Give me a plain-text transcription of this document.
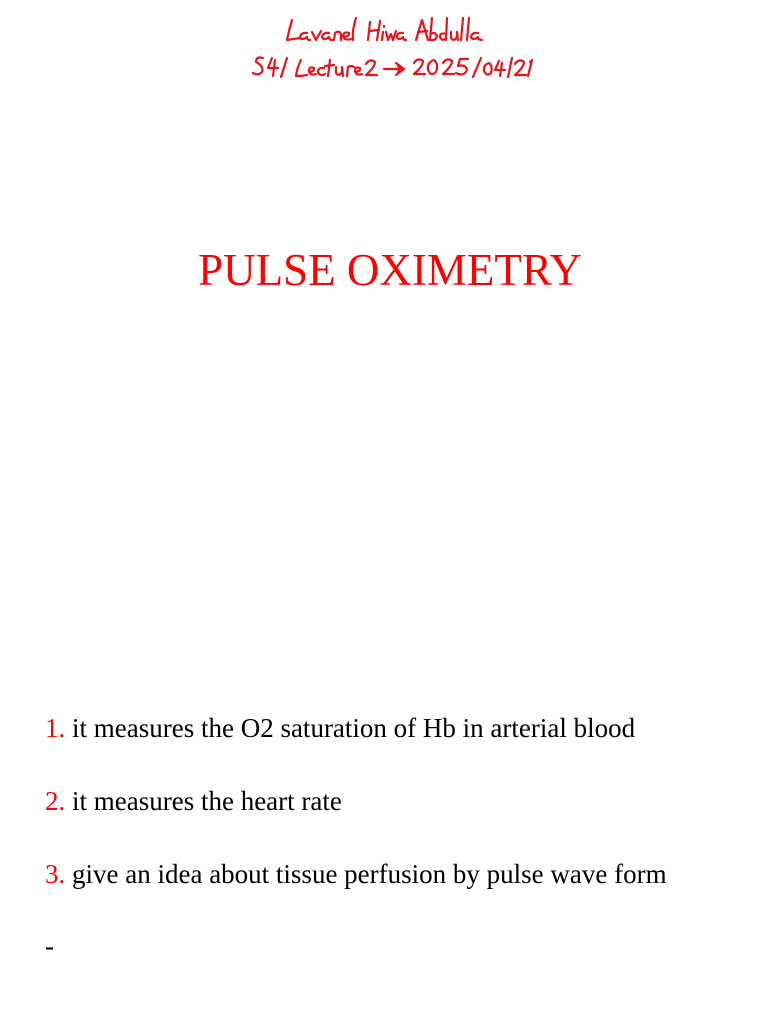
PULSE OXIMETRY
1. it measures the O2 saturation of Hb in arterial blood
2. it measures the heart rate
3. give an idea about tissue perfusion by pulse wave form
-
